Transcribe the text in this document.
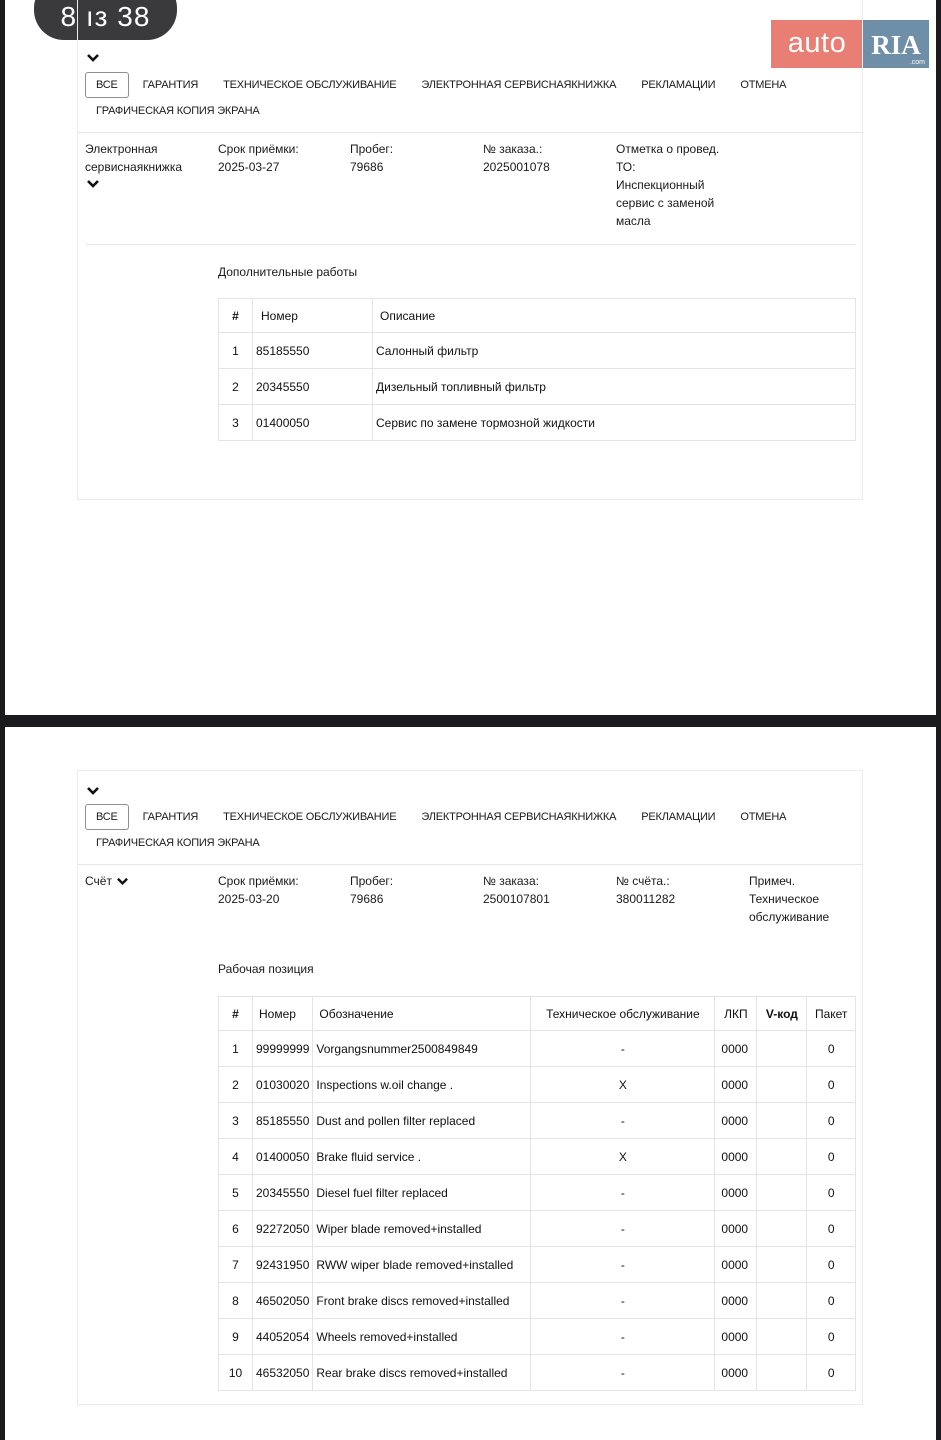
8 ıз 38
auto RIA
.com
ВСЕ	ГАРАНТИЯ ТЕХНИЧЕСКОЕ ОБСЛУЖИВАНИЕ ЭЛЕКТРОННАЯ СЕРВИСНАЯКНИЖКА РЕКЛАМАЦИИ ОТМЕНА
ГРАФИЧЕСКАЯ КОПИЯ ЭКРАНА
Электронная
сервиснаякнижка
Срок приёмки:
2025-03-27
Пробег:
79686
№ заказа.:
2025001078
Отметка о провед.
ТО:
Инспекционный
сервис с заменой
масла
Дополнительные работы
#	Номер	Описание
1	85185550	Салонный фильтр
2	20345550	Дизельный топливный фильтр
3	01400050	Сервис по замене тормозной жидкости
ВСЕ	ГАРАНТИЯ ТЕХНИЧЕСКОЕ ОБСЛУЖИВАНИЕ ЭЛЕКТРОННАЯ СЕРВИСНАЯКНИЖКА РЕКЛАМАЦИИ ОТМЕНА
ГРАФИЧЕСКАЯ КОПИЯ ЭКРАНА
Счёт	Срок приёмки:
2025-03-20
Пробег:
79686
№ заказа:
2500107801
№ счёта.:
380011282
Примеч.
Техническое
обслуживание
Рабочая позиция
#	Номер	Обозначение	Техническое обслуживание	ЛКП	V-код	Пакет
1	99999999	Vorgangsnummer2500849849	-	0000		0
2	01030020	Inspections w.oil change .	X	0000		0
3	85185550	Dust and pollen filter replaced	-	0000		0
4	01400050	Brake fluid service .	X	0000		0
5	20345550	Diesel fuel filter replaced	-	0000		0
6	92272050	Wiper blade removed+installed	-	0000		0
7	92431950	RWW wiper blade removed+installed	-	0000		0
8	46502050	Front brake discs removed+installed	-	0000		0
9	44052054	Wheels removed+installed	-	0000		0
10	46532050	Rear brake discs removed+installed	-	0000		0
